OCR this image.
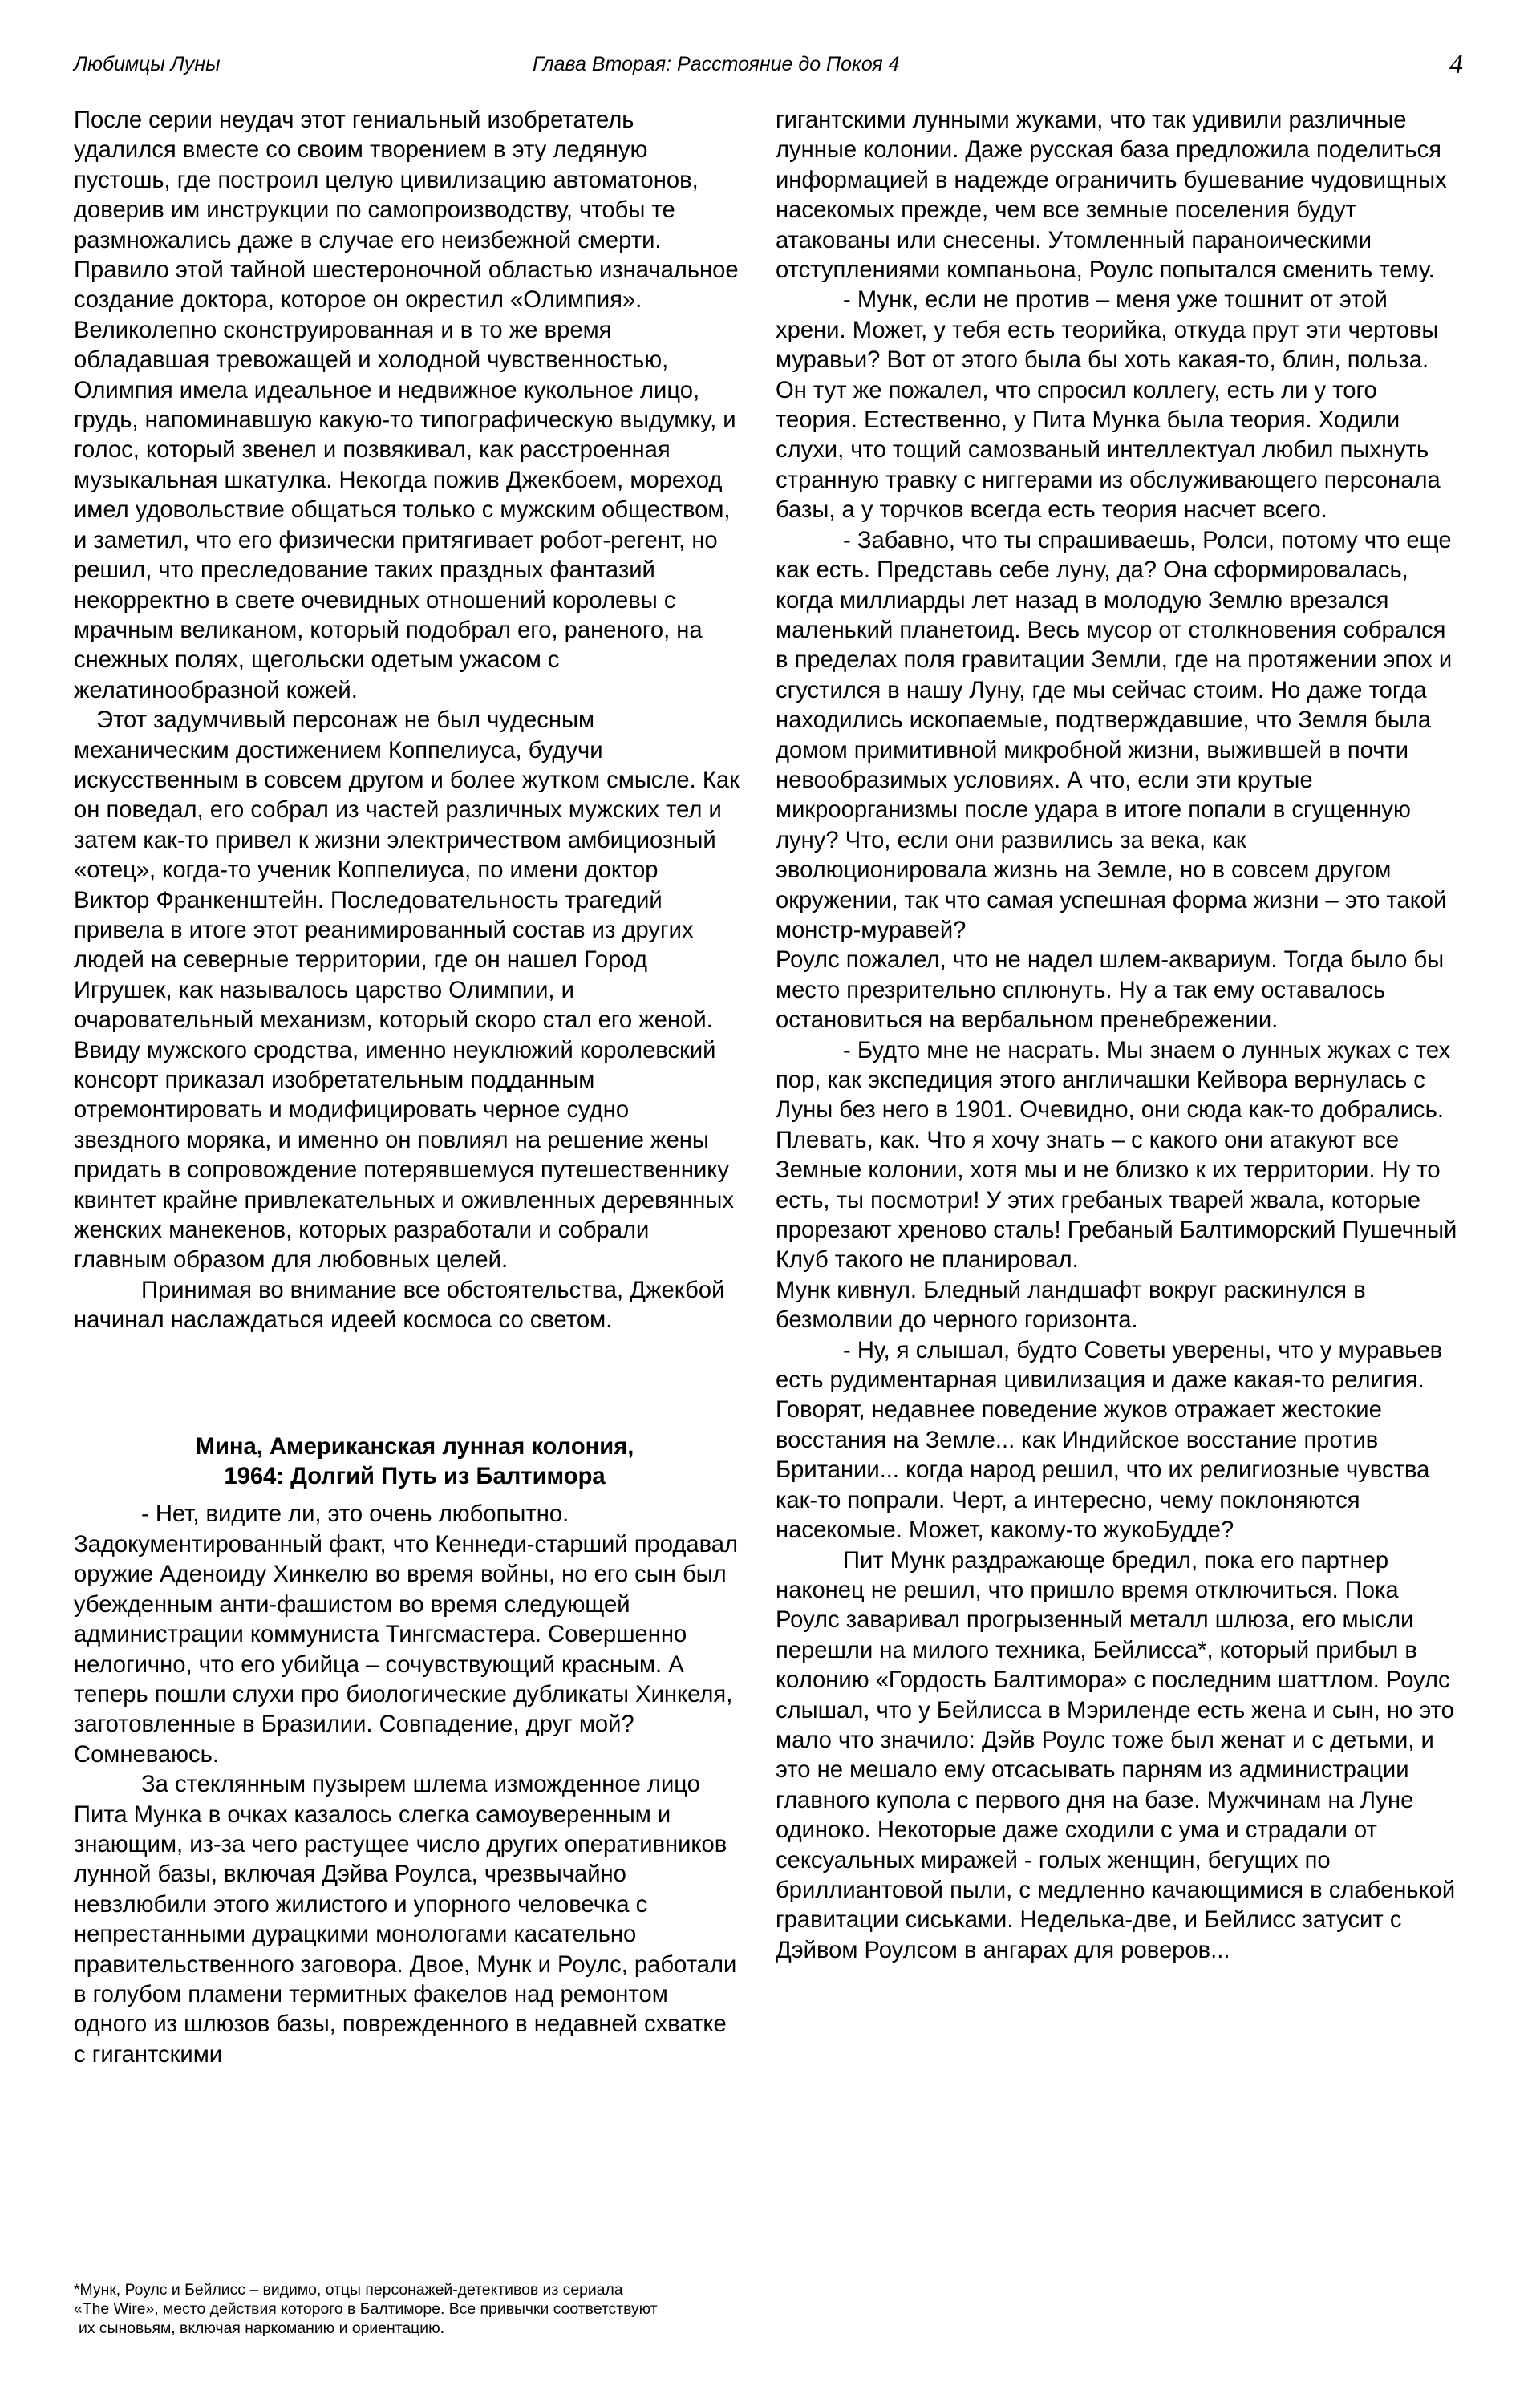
Любимцы Луны	Глава Вторая: Расстояние до Покоя 4	4

После серии неудач этот гениальный изобретатель удалился вместе со своим творением в эту ледяную пустошь, где построил целую цивилизацию автоматонов, доверив им инструкции по самопроизводству, чтобы те размножались даже в случае его неизбежной смерти. Правило этой тайной шестероночной областью изначальное создание доктора, которое он окрестил «Олимпия». Великолепно сконструированная и в то же время обладавшая тревожащей и холодной чувственностью, Олимпия имела идеальное и недвижное кукольное лицо, грудь, напоминавшую какую-то типографическую выдумку, и голос, который звенел и позвякивал, как расстроенная музыкальная шкатулка. Некогда пожив Джекбоем, мореход имел удовольствие общаться только с мужским обществом, и заметил, что его физически притягивает робот-регент, но решил, что преследование таких праздных фантазий некорректно в свете очевидных отношений королевы с мрачным великаном, который подобрал его, раненого, на снежных полях, щегольски одетым ужасом с желатинообразной кожей.

Этот задумчивый персонаж не был чудесным механическим достижением Коппелиуса, будучи искусственным в совсем другом и более жутком смысле. Как он поведал, его собрал из частей различных мужских тел и затем как-то привел к жизни электричеством амбициозный «отец», когда-то ученик Коппелиуса, по имени доктор Виктор Франкенштейн. Последовательность трагедий привела в итоге этот реанимированный состав из других людей на северные территории, где он нашел Город Игрушек, как называлось царство Олимпии, и очаровательный механизм, который скоро стал его женой. Ввиду мужского сродства, именно неуклюжий королевский консорт приказал изобретательным подданным отремонтировать и модифицировать черное судно звездного моряка, и именно он повлиял на решение жены придать в сопровождение потерявшемуся путешественнику квинтет крайне привлекательных и оживленных деревянных женских манекенов, которых разработали и собрали главным образом для любовных целей.

Принимая во внимание все обстоятельства, Джекбой начинал наслаждаться идеей космоса со светом.

Мина, Американская лунная колония,

1964: Долгий Путь из Балтимора

- Нет, видите ли, это очень любопытно. Задокументированный факт, что Кеннеди-старший продавал оружие Аденоиду Хинкелю во время войны, но его сын был убежденным анти-фашистом во время следующей администрации коммуниста Тингсмастера. Совершенно нелогично, что его убийца – сочувствующий красным. А теперь пошли слухи про биологические дубликаты Хинкеля, заготовленные в Бразилии. Совпадение, друг мой? Сомневаюсь.

За стеклянным пузырем шлема изможденное лицо Пита Мунка в очках казалось слегка самоуверенным и знающим, из-за чего растущее число других оперативников лунной базы, включая Дэйва Роулса, чрезвычайно невзлюбили этого жилистого и упорного человечка с непрестанными дурацкими монологами касательно правительственного заговора. Двое, Мунк и Роулс, работали в голубом пламени термитных факелов над ремонтом одного из шлюзов базы, поврежденного в недавней схватке с гигантскими

гигантскими лунными жуками, что так удивили различные лунные колонии. Даже русская база предложила поделиться информацией в надежде ограничить бушевание чудовищных насекомых прежде, чем все земные поселения будут атакованы или снесены. Утомленный параноическими отступлениями компаньона, Роулс попытался сменить тему.

- Мунк, если не против – меня уже тошнит от этой хрени. Может, у тебя есть теорийка, откуда прут эти чертовы муравьи? Вот от этого была бы хоть какая-то, блин, польза.

Он тут же пожалел, что спросил коллегу, есть ли у того теория. Естественно, у Пита Мунка была теория. Ходили слухи, что тощий самозваный интеллектуал любил пыхнуть странную травку с ниггерами из обслуживающего персонала базы, а у торчков всегда есть теория насчет всего.

- Забавно, что ты спрашиваешь, Ролси, потому что еще как есть. Представь себе луну, да? Она сформировалась, когда миллиарды лет назад в молодую Землю врезался маленький планетоид. Весь мусор от столкновения собрался в пределах поля гравитации Земли, где на протяжении эпох и сгустился в нашу Луну, где мы сейчас стоим. Но даже тогда находились ископаемые, подтверждавшие, что Земля была домом примитивной микробной жизни, выжившей в почти невообразимых условиях. А что, если эти крутые микроорганизмы после удара в итоге попали в сгущенную луну? Что, если они развились за века, как эволюционировала жизнь на Земле, но в совсем другом окружении, так что самая успешная форма жизни – это такой монстр-муравей?

Роулс пожалел, что не надел шлем-аквариум. Тогда было бы место презрительно сплюнуть. Ну а так ему оставалось остановиться на вербальном пренебрежении.

- Будто мне не насрать. Мы знаем о лунных жуках с тех пор, как экспедиция этого англичашки Кейвора вернулась с Луны без него в 1901. Очевидно, они сюда как-то добрались. Плевать, как. Что я хочу знать – с какого они атакуют все Земные колонии, хотя мы и не близко к их территории. Ну то есть, ты посмотри! У этих гребаных тварей жвала, которые прорезают хреново сталь! Гребаный Балтиморский Пушечный Клуб такого не планировал.

Мунк кивнул. Бледный ландшафт вокруг раскинулся в безмолвии до черного горизонта.

- Ну, я слышал, будто Советы уверены, что у муравьев есть рудиментарная цивилизация и даже какая-то религия. Говорят, недавнее поведение жуков отражает жестокие восстания на Земле... как Индийское восстание против Британии... когда народ решил, что их религиозные чувства как-то попрали. Черт, а интересно, чему поклоняются насекомые. Может, какому-то жукоБудде?

Пит Мунк раздражающе бредил, пока его партнер наконец не решил, что пришло время отключиться. Пока Роулс заваривал прогрызенный металл шлюза, его мысли перешли на милого техника, Бейлисса*, который прибыл в колонию «Гордость Балтимора» с последним шаттлом. Роулс слышал, что у Бейлисса в Мэриленде есть жена и сын, но это мало что значило: Дэйв Роулс тоже был женат и с детьми, и это не мешало ему отсасывать парням из администрации главного купола с первого дня на базе. Мужчинам на Луне одиноко. Некоторые даже сходили с ума и страдали от сексуальных миражей - голых женщин, бегущих по бриллиантовой пыли, с медленно качающимися в слабенькой гравитации сиськами. Неделька-две, и Бейлисс затусит с Дэйвом Роулсом в ангарах для роверов...

*Мунк, Роулс и Бейлисс – видимо, отцы персонажей-детективов из сериала
«The Wire», место действия которого в Балтиморе. Все привычки соответствуют
их сыновьям, включая наркоманию и ориентацию.
